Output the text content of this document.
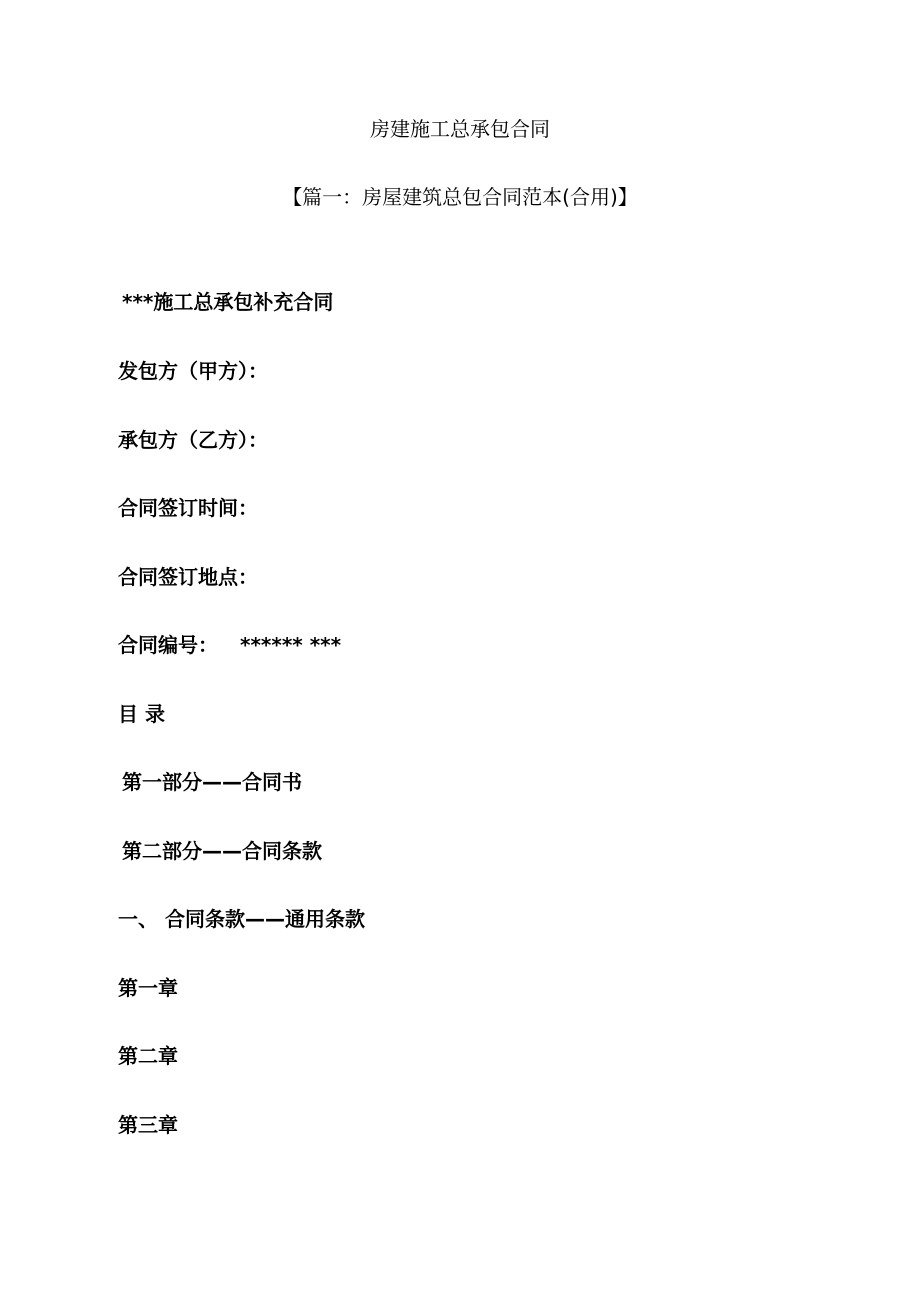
房建施工总承包合同
【篇一：房屋建筑总包合同范本(合用)】
***施工总承包补充合同
发包方（甲方）：
承包方（乙方）：
合同签订时间：
合同签订地点：
合同编号： ****** ***
目 录
第一部分——合同书
第二部分——合同条款
一、 合同条款——通用条款
第一章
第二章
第三章
